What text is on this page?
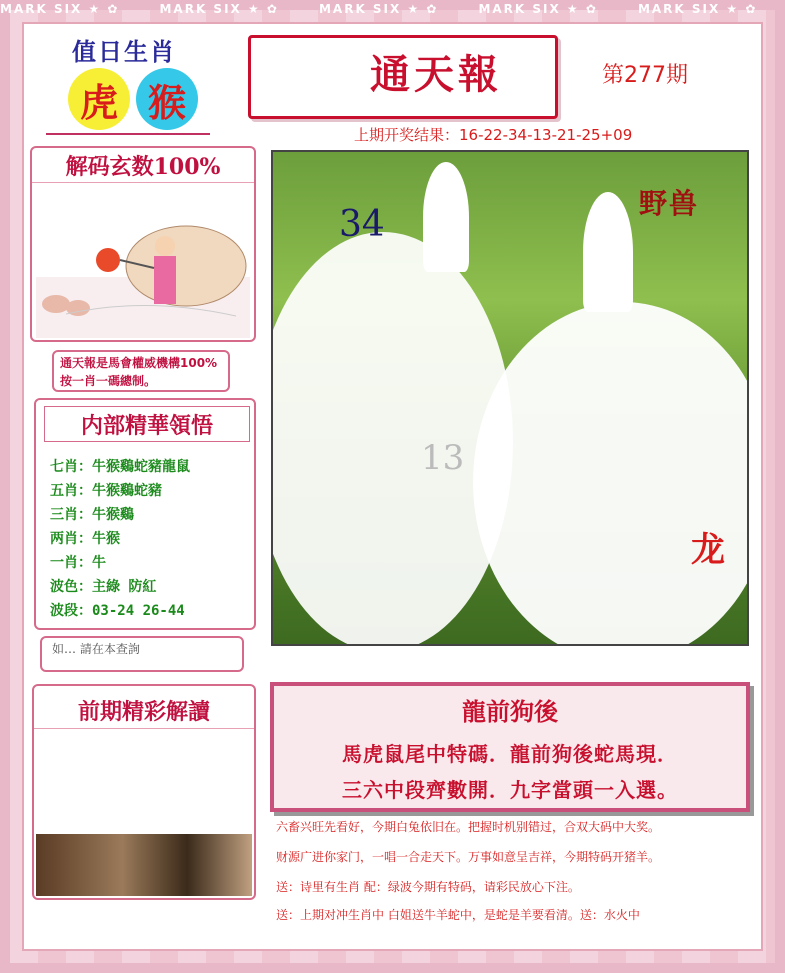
MARK SIX ★ ✿	MARK SIX ★ ✿	MARK SIX ★ ✿	MARK SIX ★ ✿	MARK SIX ★ ✿
值日生肖
虎 猴
解码玄数100%
通天報是馬會權威機構100%按一肖一碼總制。
内部精華領悟
七肖：牛猴鷄蛇豬龍鼠
五肖：牛猴鷄蛇豬
三肖：牛猴鷄
两肖：牛猴
一肖：牛
波色：主綠 防紅
波段：03-24 26-44
如… 請在本查詢
前期精彩解讀
通天報	第277期
上期开奖结果：16-22-34-13-21-25+09
34
13
野兽
龙
龍前狗後
馬虎鼠尾中特碼．龍前狗後蛇馬現．
三六中段齊數開．九字當頭一入選。
六畜兴旺先看好，今期白兔依旧在。把握时机别错过，合双大码中大奖。
财源广进你家门，一唱一合走天下。万事如意呈吉祥，今期特码开猪羊。
送：诗里有生肖 配：绿波今期有特码，请彩民放心下注。
送：上期对冲生肖中 白姐送牛羊蛇中，是蛇是羊要看清。送：水火中
